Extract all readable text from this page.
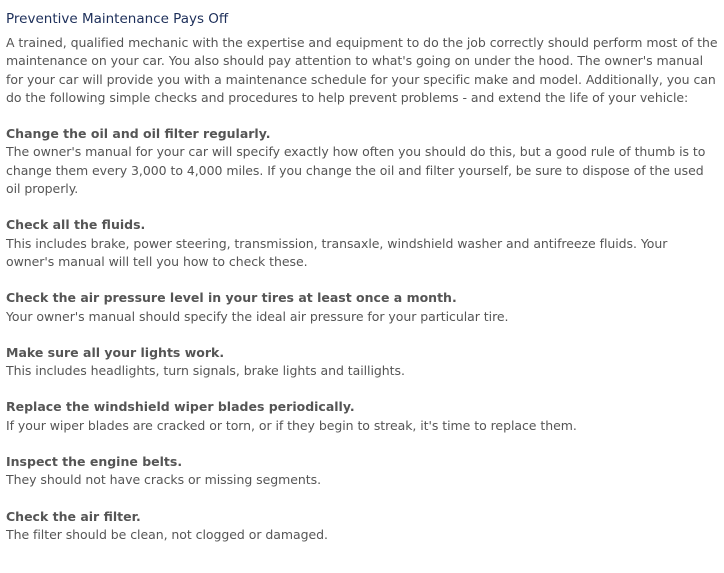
Preventive Maintenance Pays Off

A trained, qualified mechanic with the expertise and equipment to do the job correctly should perform most of the maintenance on your car. You also should pay attention to what's going on under the hood. The owner's manual for your car will provide you with a maintenance schedule for your specific make and model. Additionally, you can do the following simple checks and procedures to help prevent problems - and extend the life of your vehicle:

Change the oil and oil filter regularly.

The owner's manual for your car will specify exactly how often you should do this, but a good rule of thumb is to change them every 3,000 to 4,000 miles. If you change the oil and filter yourself, be sure to dispose of the used oil properly.

Check all the fluids.

This includes brake, power steering, transmission, transaxle, windshield washer and antifreeze fluids. Your owner's manual will tell you how to check these.

Check the air pressure level in your tires at least once a month.

Your owner's manual should specify the ideal air pressure for your particular tire.

Make sure all your lights work.

This includes headlights, turn signals, brake lights and taillights.

Replace the windshield wiper blades periodically.

If your wiper blades are cracked or torn, or if they begin to streak, it's time to replace them.

Inspect the engine belts.

They should not have cracks or missing segments.

Check the air filter.

The filter should be clean, not clogged or damaged.
